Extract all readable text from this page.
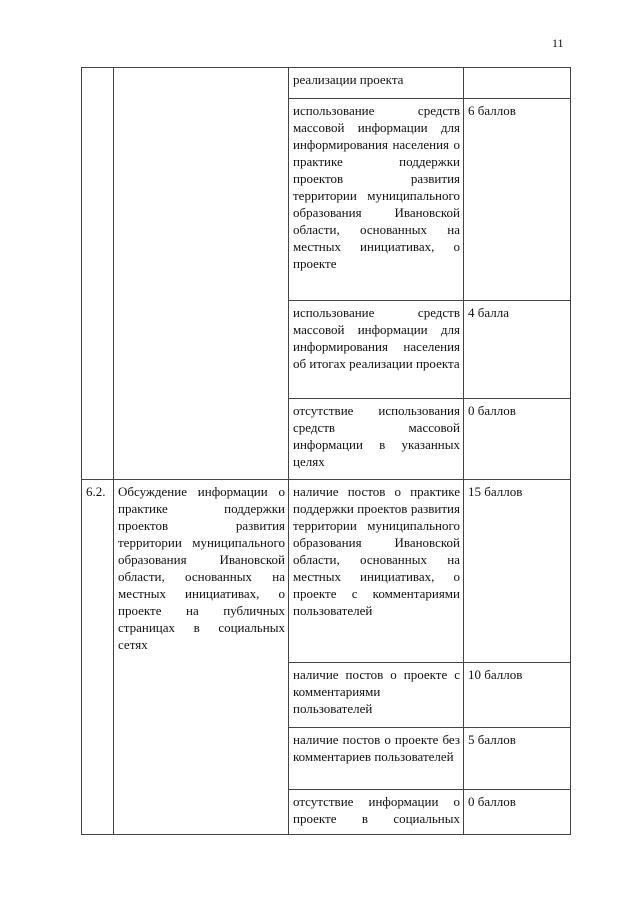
11
		реализации проекта	
		использование средств массовой информации для информирования населения о практике поддержки проектов развития территории муниципального образования Ивановской области, основанных на местных инициативах, о проекте	6 баллов
		использование средств массовой информации для информирования населения об итогах реализации проекта	4 балла
		отсутствие использования средств массовой информации в указанных целях	0 баллов
6.2.	Обсуждение информации о практике поддержки проектов развития территории муниципального образования Ивановской области, основанных на местных инициативах, о проекте на публичных страницах в социальных сетях	наличие постов о практике поддержки проектов развития территории муниципального образования Ивановской области, основанных на местных инициативах, о проекте с комментариями пользователей	15 баллов
		наличие постов о проекте с комментариями пользователей	10 баллов
		наличие постов о проекте без комментариев пользователей	5 баллов
		отсутствие информации о проекте в социальных	0 баллов
